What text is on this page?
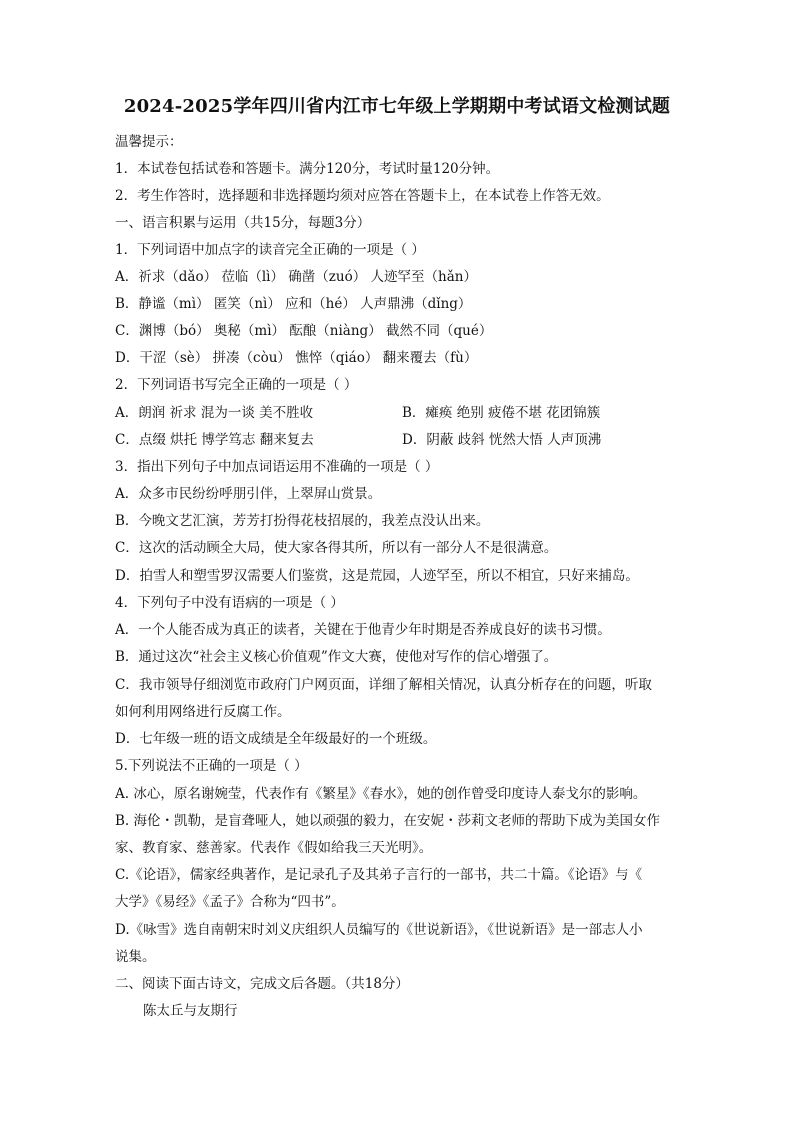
2024-2025学年四川省内江市七年级上学期期中考试语文检测试题
温馨提示：
1．本试卷包括试卷和答题卡。满分120分，考试时量120分钟。
2．考生作答时，选择题和非选择题均须对应答在答题卡上，在本试卷上作答无效。
一、语言积累与运用（共15分，每题3分）
1．下列词语中加点字的读音完全正确的一项是（ ）
A．祈求（dǎo） 莅临（lì） 确凿（zuó） 人迹罕至（hǎn）
B．静谧（mì） 匿笑（nì） 应和（hé） 人声鼎沸（dǐng）
C．渊博（bó） 奥秘（mì） 酝酿（niàng） 截然不同（qué）
D．干涩（sè） 拼凑（còu） 憔悴（qiáo） 翻来覆去（fù）
2．下列词语书写完全正确的一项是（ ）
A．朗润 祈求 混为一谈 美不胜收	B．瘫痪 绝别 疲倦不堪 花团锦簇
C．点缀 烘托 博学笃志 翻来复去	D．阴蔽 歧斜 恍然大悟 人声顶沸
3．指出下列句子中加点词语运用不准确的一项是（ ）
A．众多市民纷纷呼朋引伴，上翠屏山赏景。
B．今晚文艺汇演，芳芳打扮得花枝招展的，我差点没认出来。
C．这次的活动顾全大局，使大家各得其所，所以有一部分人不是很满意。
D．拍雪人和塑雪罗汉需要人们鉴赏，这是荒园，人迹罕至，所以不相宜，只好来捕岛。
4．下列句子中没有语病的一项是（ ）
A．一个人能否成为真正的读者，关键在于他青少年时期是否养成良好的读书习惯。
B．通过这次“社会主义核心价值观”作文大赛，使他对写作的信心增强了。
C．我市领导仔细浏览市政府门户网页面，详细了解相关情况，认真分析存在的问题，听取
如何利用网络进行反腐工作。
D．七年级一班的语文成绩是全年级最好的一个班级。
5.下列说法不正确的一项是（ ）
A. 冰心，原名谢婉莹，代表作有《繁星》《春水》，她的创作曾受印度诗人泰戈尔的影响。
B. 海伦・凯勒，是盲聋哑人，她以顽强的毅力，在安妮・莎莉文老师的帮助下成为美国女作
家、教育家、慈善家。代表作《假如给我三天光明》。
C.《论语》，儒家经典著作，是记录孔子及其弟子言行的一部书，共二十篇。《论语》与《
大学》《易经》《孟子》合称为“四书”。
D.《咏雪》选自南朝宋时刘义庆组织人员编写的《世说新语》，《世说新语》是一部志人小
说集。
二、阅读下面古诗文，完成文后各题。（共18分）
陈太丘与友期行
